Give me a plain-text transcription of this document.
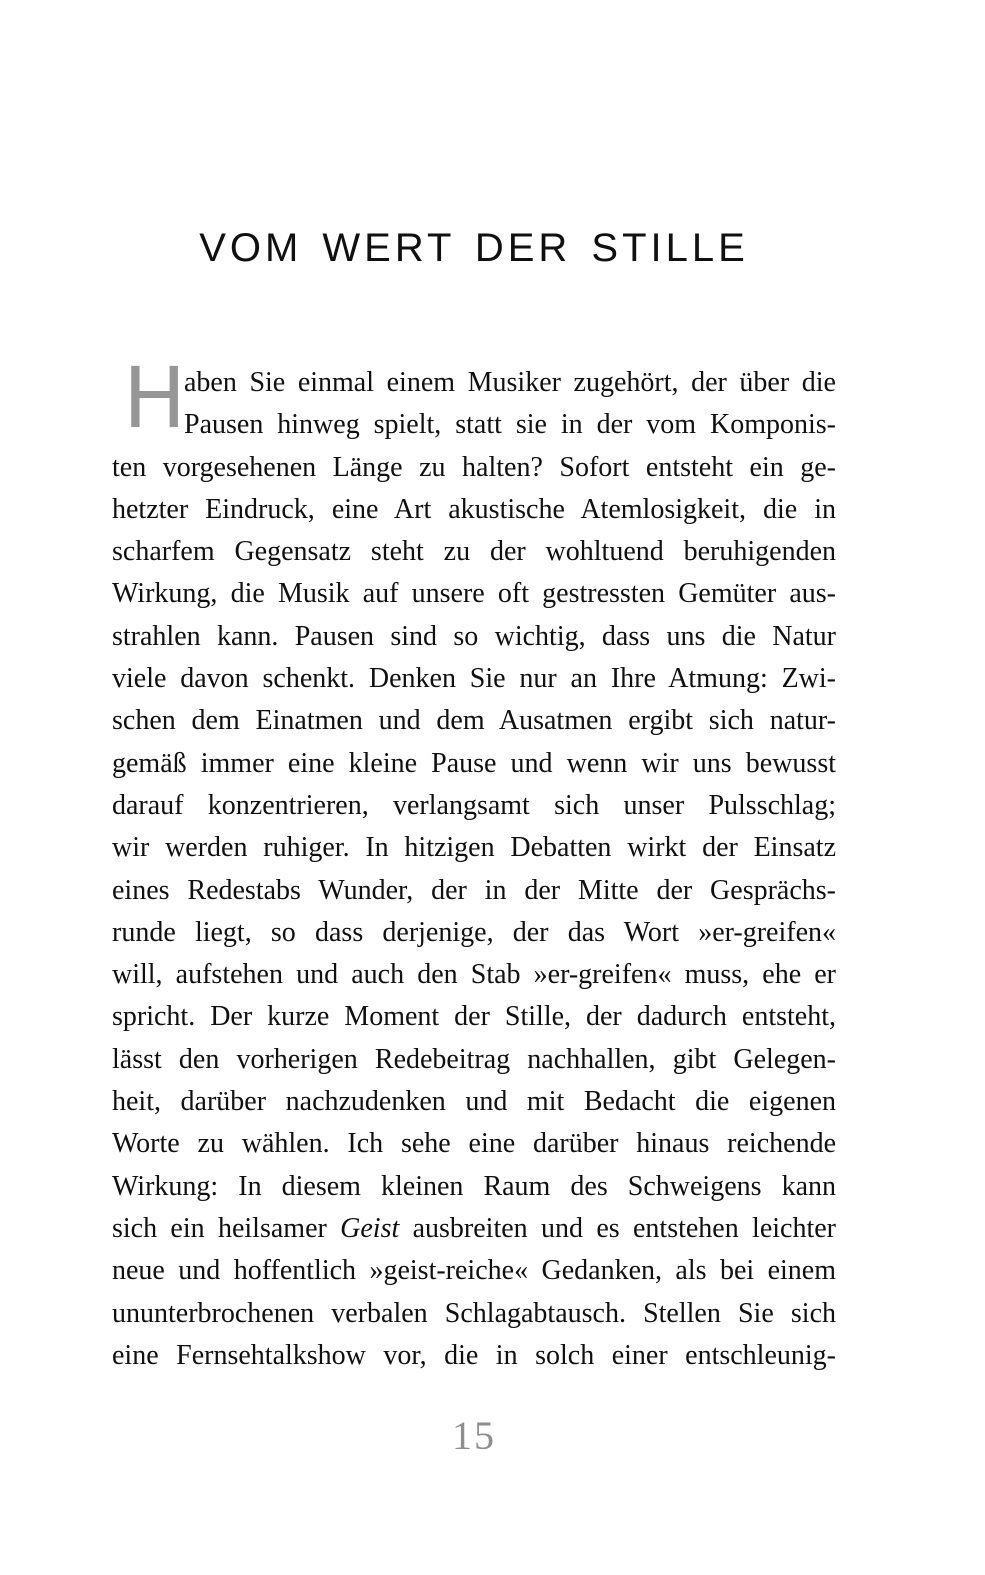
VOM WERT DER STILLE
H
aben Sie einmal einem Musiker zugehört, der über die
Pausen hinweg spielt, statt sie in der vom Komponis-
ten vorgesehenen Länge zu halten? Sofort entsteht ein ge-
hetzter Eindruck, eine Art akustische Atemlosigkeit, die in
scharfem Gegensatz steht zu der wohltuend beruhigenden
Wirkung, die Musik auf unsere oft gestressten Gemüter aus-
strahlen kann. Pausen sind so wichtig, dass uns die Natur
viele davon schenkt. Denken Sie nur an Ihre Atmung: Zwi-
schen dem Einatmen und dem Ausatmen ergibt sich natur-
gemäß immer eine kleine Pause und wenn wir uns bewusst
darauf konzentrieren, verlangsamt sich unser Pulsschlag;
wir werden ruhiger. In hitzigen Debatten wirkt der Einsatz
eines Redestabs Wunder, der in der Mitte der Gesprächs-
runde liegt, so dass derjenige, der das Wort »er-greifen«
will, aufstehen und auch den Stab »er-greifen« muss, ehe er
spricht. Der kurze Moment der Stille, der dadurch entsteht,
lässt den vorherigen Redebeitrag nachhallen, gibt Gelegen-
heit, darüber nachzudenken und mit Bedacht die eigenen
Worte zu wählen. Ich sehe eine darüber hinaus reichende
Wirkung: In diesem kleinen Raum des Schweigens kann
sich ein heilsamer Geist ausbreiten und es entstehen leichter
neue und hoffentlich »geist-reiche« Gedanken, als bei einem
ununterbrochenen verbalen Schlagabtausch. Stellen Sie sich
eine Fernsehtalkshow vor, die in solch einer entschleunig-
15
